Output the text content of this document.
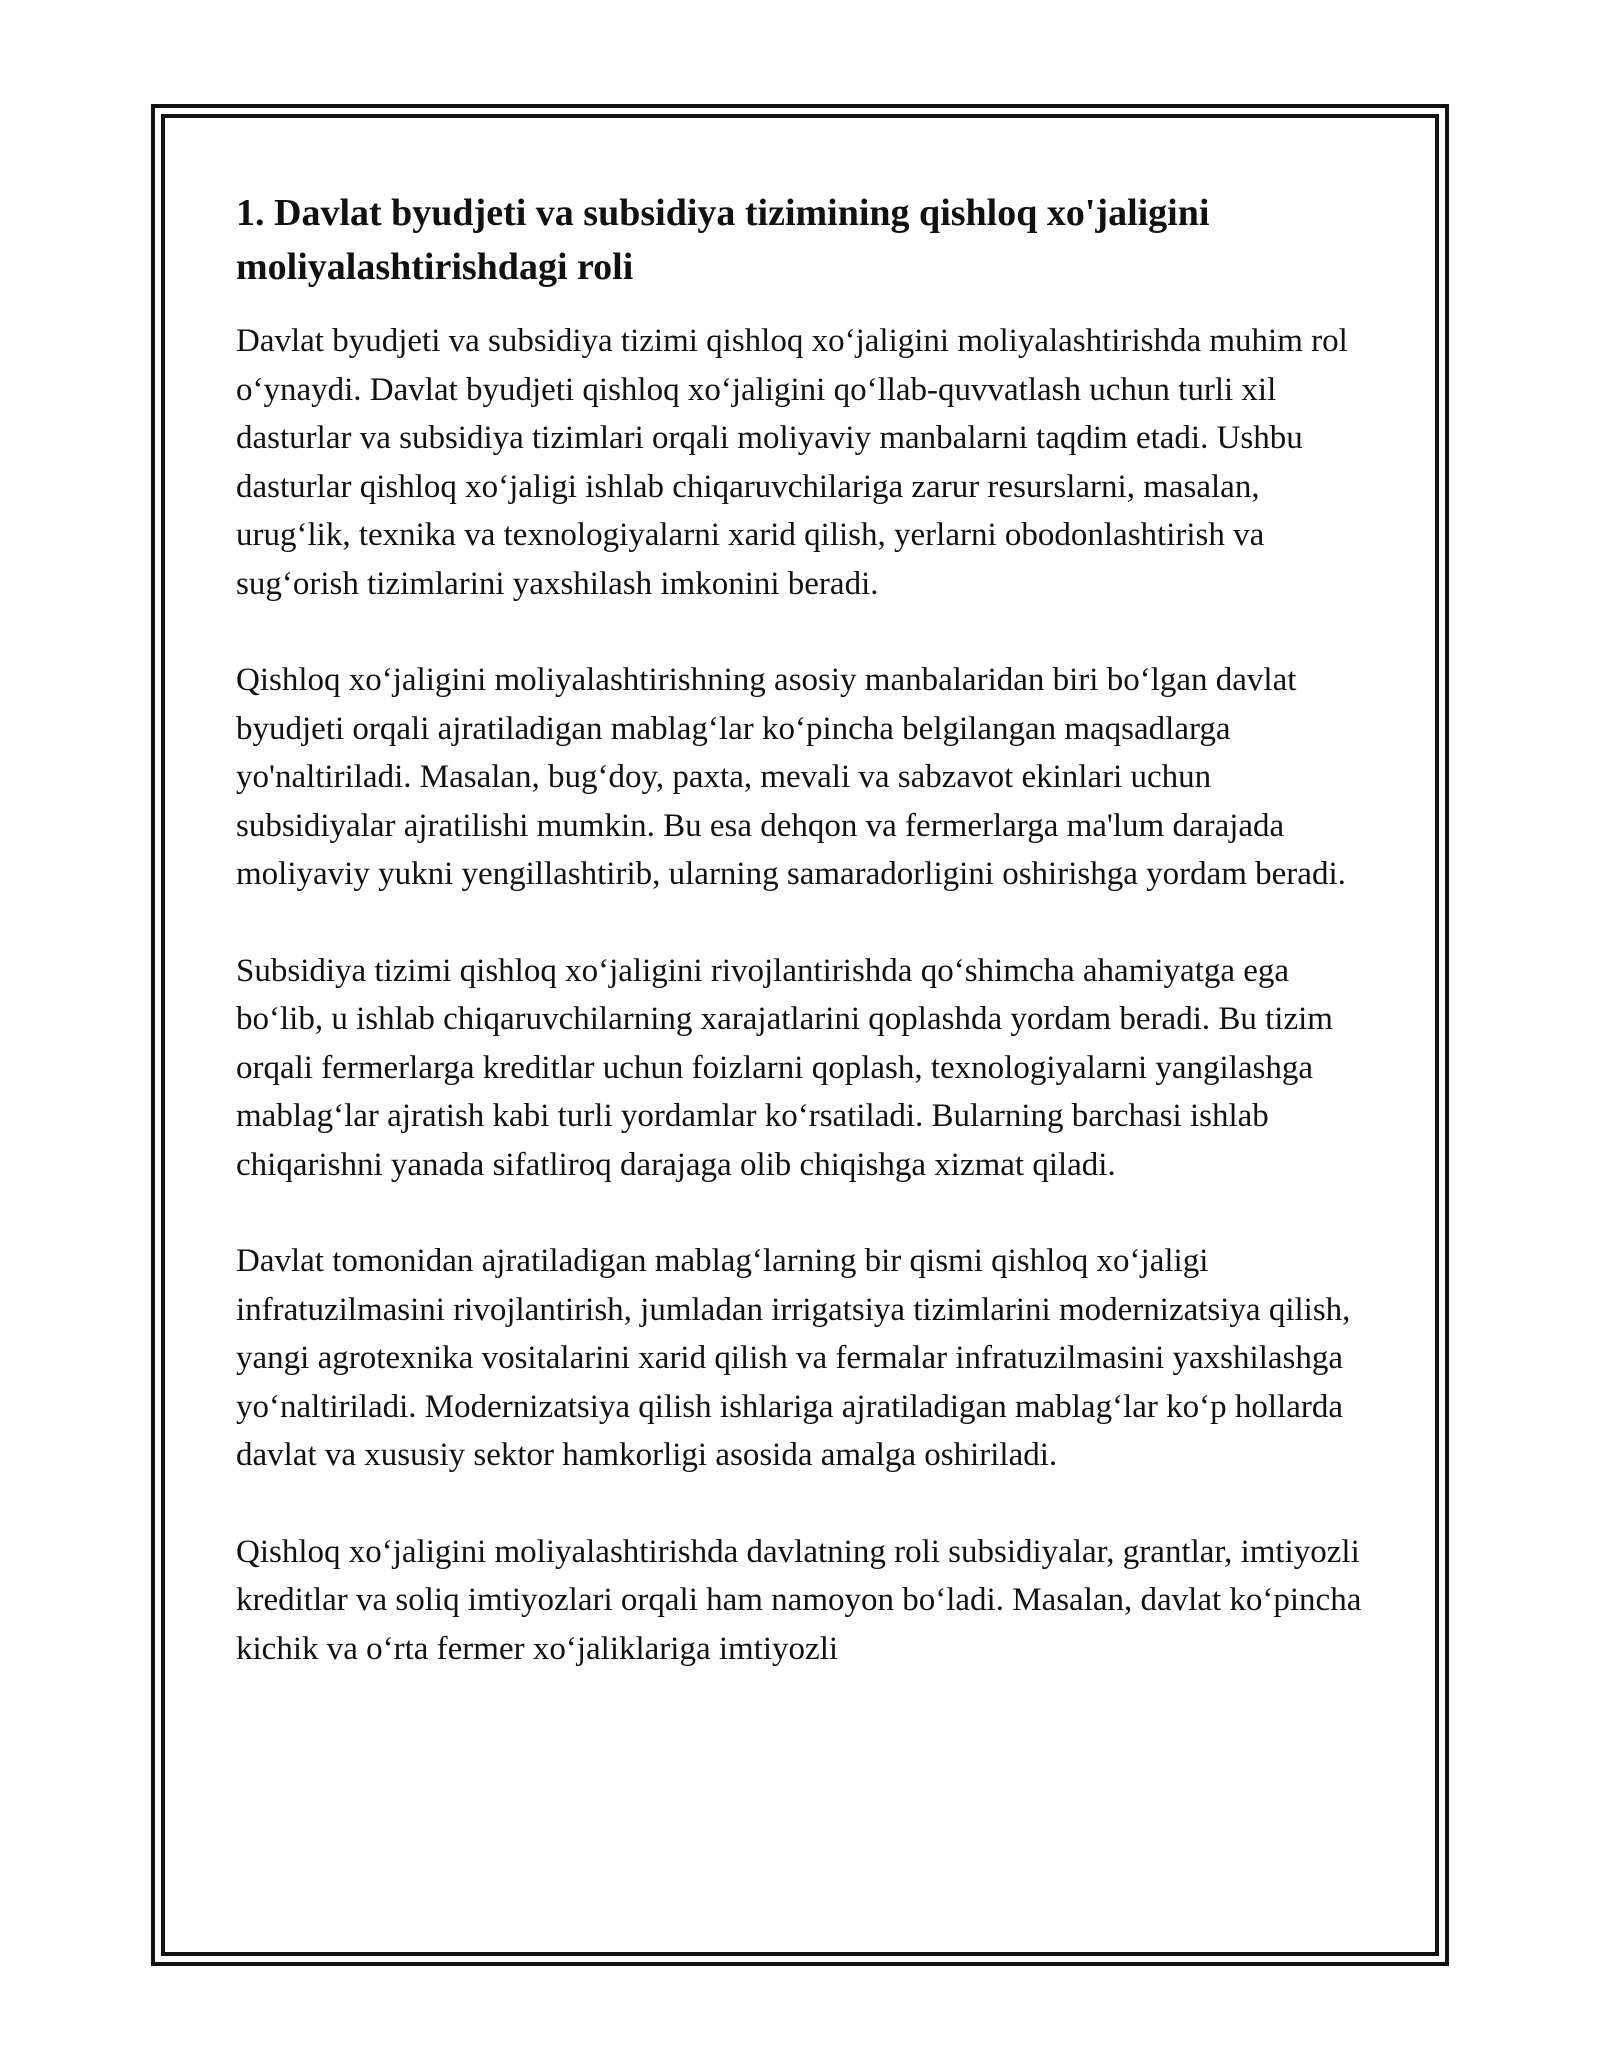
1. Davlat byudjeti va subsidiya tizimining qishloq xo'jaligini moliyalashtirishdagi roli

Davlat byudjeti va subsidiya tizimi qishloq xoʻjaligini moliyalashtirishda muhim rol oʻynaydi. Davlat byudjeti qishloq xoʻjaligini qoʻllab-quvvatlash uchun turli xil dasturlar va subsidiya tizimlari orqali moliyaviy manbalarni taqdim etadi. Ushbu dasturlar qishloq xoʻjaligi ishlab chiqaruvchilariga zarur resurslarni, masalan, urugʻlik, texnika va texnologiyalarni xarid qilish, yerlarni obodonlashtirish va sugʻorish tizimlarini yaxshilash imkonini beradi.

Qishloq xoʻjaligini moliyalashtirishning asosiy manbalaridan biri boʻlgan davlat byudjeti orqali ajratiladigan mablagʻlar koʻpincha belgilangan maqsadlarga yo'naltiriladi. Masalan, bugʻdoy, paxta, mevali va sabzavot ekinlari uchun subsidiyalar ajratilishi mumkin. Bu esa dehqon va fermerlarga ma'lum darajada moliyaviy yukni yengillashtirib, ularning samaradorligini oshirishga yordam beradi.

Subsidiya tizimi qishloq xoʻjaligini rivojlantirishda qoʻshimcha ahamiyatga ega boʻlib, u ishlab chiqaruvchilarning xarajatlarini qoplashda yordam beradi. Bu tizim orqali fermerlarga kreditlar uchun foizlarni qoplash, texnologiyalarni yangilashga mablagʻlar ajratish kabi turli yordamlar koʻrsatiladi. Bularning barchasi ishlab chiqarishni yanada sifatliroq darajaga olib chiqishga xizmat qiladi.

Davlat tomonidan ajratiladigan mablagʻlarning bir qismi qishloq xoʻjaligi infratuzilmasini rivojlantirish, jumladan irrigatsiya tizimlarini modernizatsiya qilish, yangi agrotexnika vositalarini xarid qilish va fermalar infratuzilmasini yaxshilashga yoʻnaltiriladi. Modernizatsiya qilish ishlariga ajratiladigan mablagʻlar koʻp hollarda davlat va xususiy sektor hamkorligi asosida amalga oshiriladi.

Qishloq xoʻjaligini moliyalashtirishda davlatning roli subsidiyalar, grantlar, imtiyozli kreditlar va soliq imtiyozlari orqali ham namoyon boʻladi. Masalan, davlat koʻpincha kichik va oʻrta fermer xoʻjaliklariga imtiyozli
